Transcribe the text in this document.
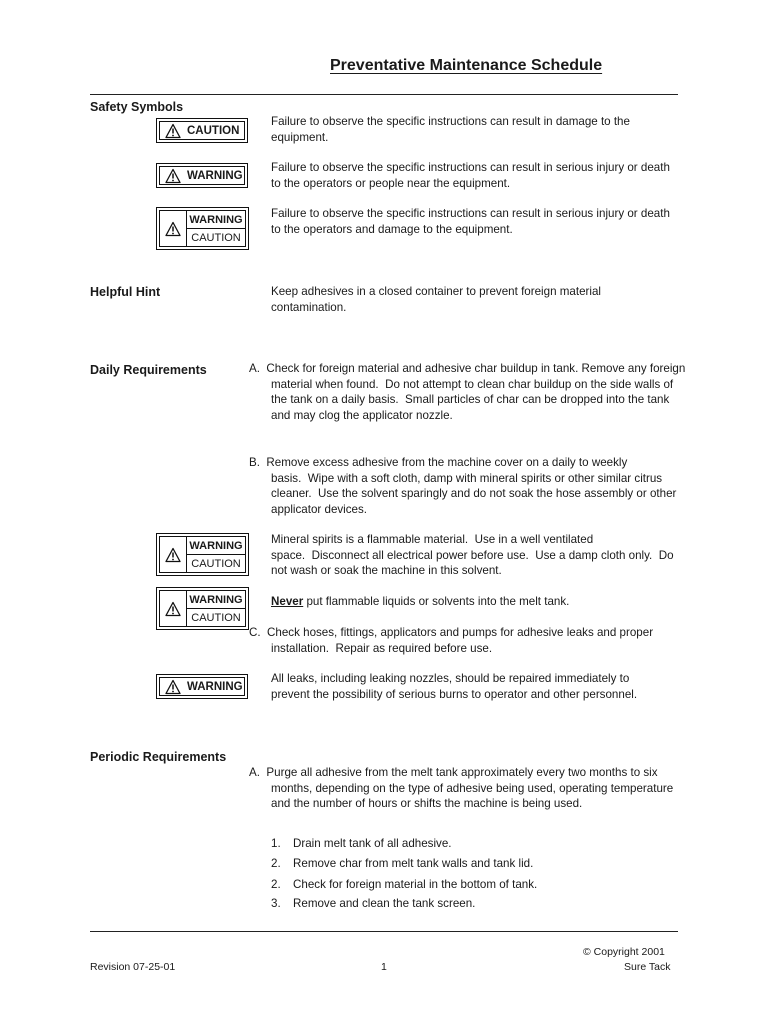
Preventative Maintenance Schedule
Safety Symbols
CAUTION
Failure to observe the specific instructions can result in damage to the equipment.
WARNING
Failure to observe the specific instructions can result in serious injury or death to the operators or people near the equipment.
WARNING
CAUTION
Failure to observe the specific instructions can result in serious injury or death to the operators and damage to the equipment.
Helpful Hint	Keep adhesives in a closed container to prevent foreign material contamination.
Daily Requirements	A.  Check for foreign material and adhesive char buildup in tank. Remove any foreign material when found.  Do not attempt to clean char buildup on the side walls of the tank on a daily basis.  Small particles of char can be dropped into the tank and may clog the applicator nozzle.
B.  Remove excess adhesive from the machine cover on a daily to weekly basis.  Wipe with a soft cloth, damp with mineral spirits or other similar citrus cleaner.  Use the solvent sparingly and do not soak the hose assembly or other applicator devices.
WARNING
CAUTION
Mineral spirits is a flammable material.  Use in a well ventilated space.  Disconnect all electrical power before use.  Use a damp cloth only.  Do not wash or soak the machine in this solvent.
WARNING
CAUTION
Never put flammable liquids or solvents into the melt tank.
C.  Check hoses, fittings, applicators and pumps for adhesive leaks and proper installation.  Repair as required before use.
WARNING
All leaks, including leaking nozzles, should be repaired immediately to prevent the possibility of serious burns to operator and other personnel.
Periodic Requirements
A.  Purge all adhesive from the melt tank approximately every two months to six months, depending on the type of adhesive being used, operating temperature and the number of hours or shifts the machine is being used.
1. Drain melt tank of all adhesive.
2. Remove char from melt tank walls and tank lid.
2. Check for foreign material in the bottom of tank.
3. Remove and clean the tank screen.
© Copyright 2001
Revision 07-25-01	1	Sure Tack
